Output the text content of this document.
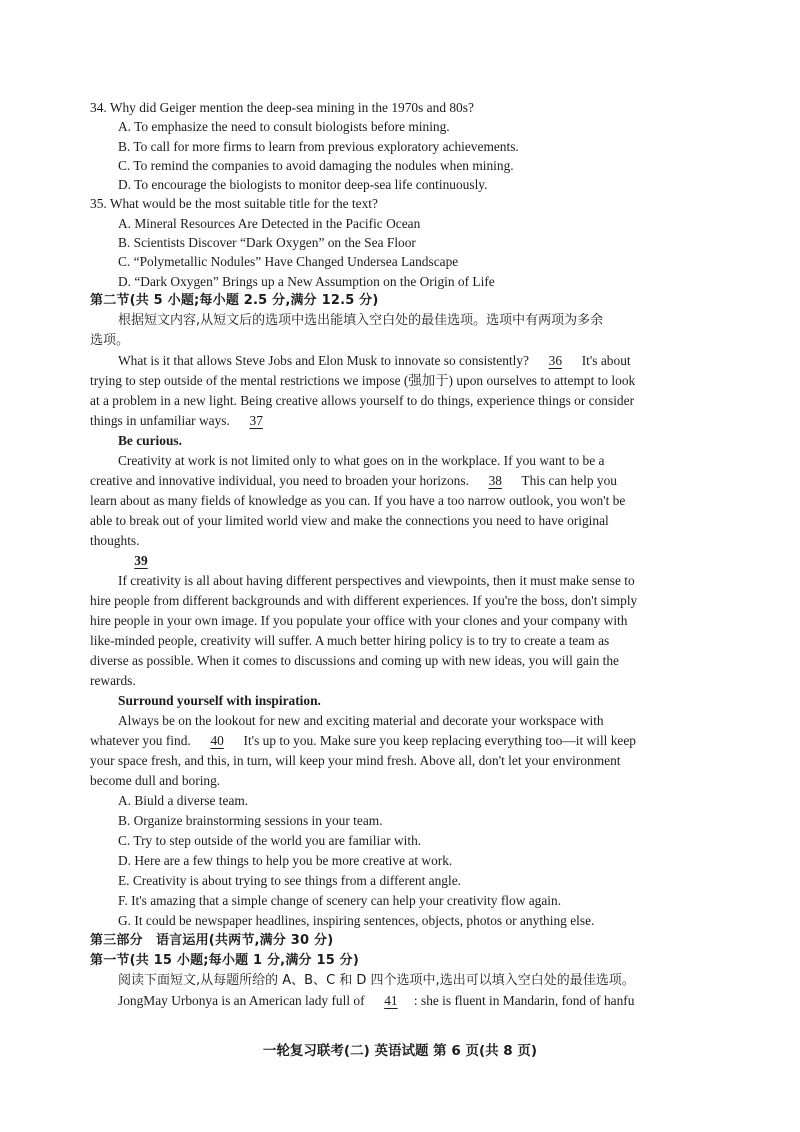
34. Why did Geiger mention the deep-sea mining in the 1970s and 80s?
A. To emphasize the need to consult biologists before mining.
B. To call for more firms to learn from previous exploratory achievements.
C. To remind the companies to avoid damaging the nodules when mining.
D. To encourage the biologists to monitor deep-sea life continuously.
35. What would be the most suitable title for the text?
A. Mineral Resources Are Detected in the Pacific Ocean
B. Scientists Discover “Dark Oxygen” on the Sea Floor
C. “Polymetallic Nodules” Have Changed Undersea Landscape
D. “Dark Oxygen” Brings up a New Assumption on the Origin of Life
第二节(共 5 小题;每小题 2.5 分,满分 12.5 分)
根据短文内容,从短文后的选项中选出能填入空白处的最佳选项。选项中有两项为多余
选项。
What is it that allows Steve Jobs and Elon Musk to innovate so consistently? 36 It's about
trying to step outside of the mental restrictions we impose (强加于) upon ourselves to attempt to look
at a problem in a new light. Being creative allows yourself to do things, experience things or consider
things in unfamiliar ways. 37
Be curious.
Creativity at work is not limited only to what goes on in the workplace. If you want to be a
creative and innovative individual, you need to broaden your horizons. 38 This can help you
learn about as many fields of knowledge as you can. If you have a too narrow outlook, you won't be
able to break out of your limited world view and make the connections you need to have original
thoughts.
39
If creativity is all about having different perspectives and viewpoints, then it must make sense to
hire people from different backgrounds and with different experiences. If you're the boss, don't simply
hire people in your own image. If you populate your office with your clones and your company with
like-minded people, creativity will suffer. A much better hiring policy is to try to create a team as
diverse as possible. When it comes to discussions and coming up with new ideas, you will gain the
rewards.
Surround yourself with inspiration.
Always be on the lookout for new and exciting material and decorate your workspace with
whatever you find. 40 It's up to you. Make sure you keep replacing everything too—it will keep
your space fresh, and this, in turn, will keep your mind fresh. Above all, don't let your environment
become dull and boring.
A. Biuld a diverse team.
B. Organize brainstorming sessions in your team.
C. Try to step outside of the world you are familiar with.
D. Here are a few things to help you be more creative at work.
E. Creativity is about trying to see things from a different angle.
F. It's amazing that a simple change of scenery can help your creativity flow again.
G. It could be newspaper headlines, inspiring sentences, objects, photos or anything else.
第三部分　语言运用(共两节,满分 30 分)
第一节(共 15 小题;每小题 1 分,满分 15 分)
阅读下面短文,从每题所给的 A、B、C 和 D 四个选项中,选出可以填入空白处的最佳选项。
JongMay Urbonya is an American lady full of 41 : she is fluent in Mandarin, fond of hanfu
一轮复习联考(二) 英语试题 第 6 页(共 8 页)
